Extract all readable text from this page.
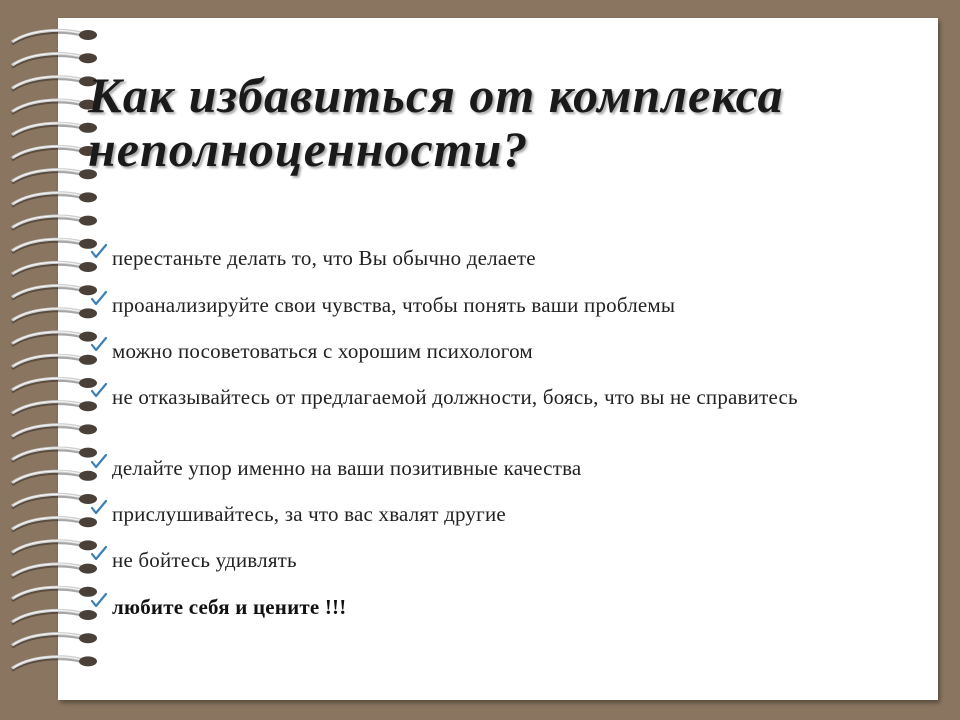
Как избавиться от комплекса неполноценности?
перестаньте делать то, что Вы обычно делаете
проанализируйте свои чувства, чтобы понять ваши проблемы
можно посоветоваться с хорошим психологом
не отказывайтесь от предлагаемой должности, боясь, что вы не справитесь
делайте упор именно на ваши позитивные качества
прислушивайтесь, за что вас хвалят другие
не бойтесь удивлять
любите себя и цените !!!
